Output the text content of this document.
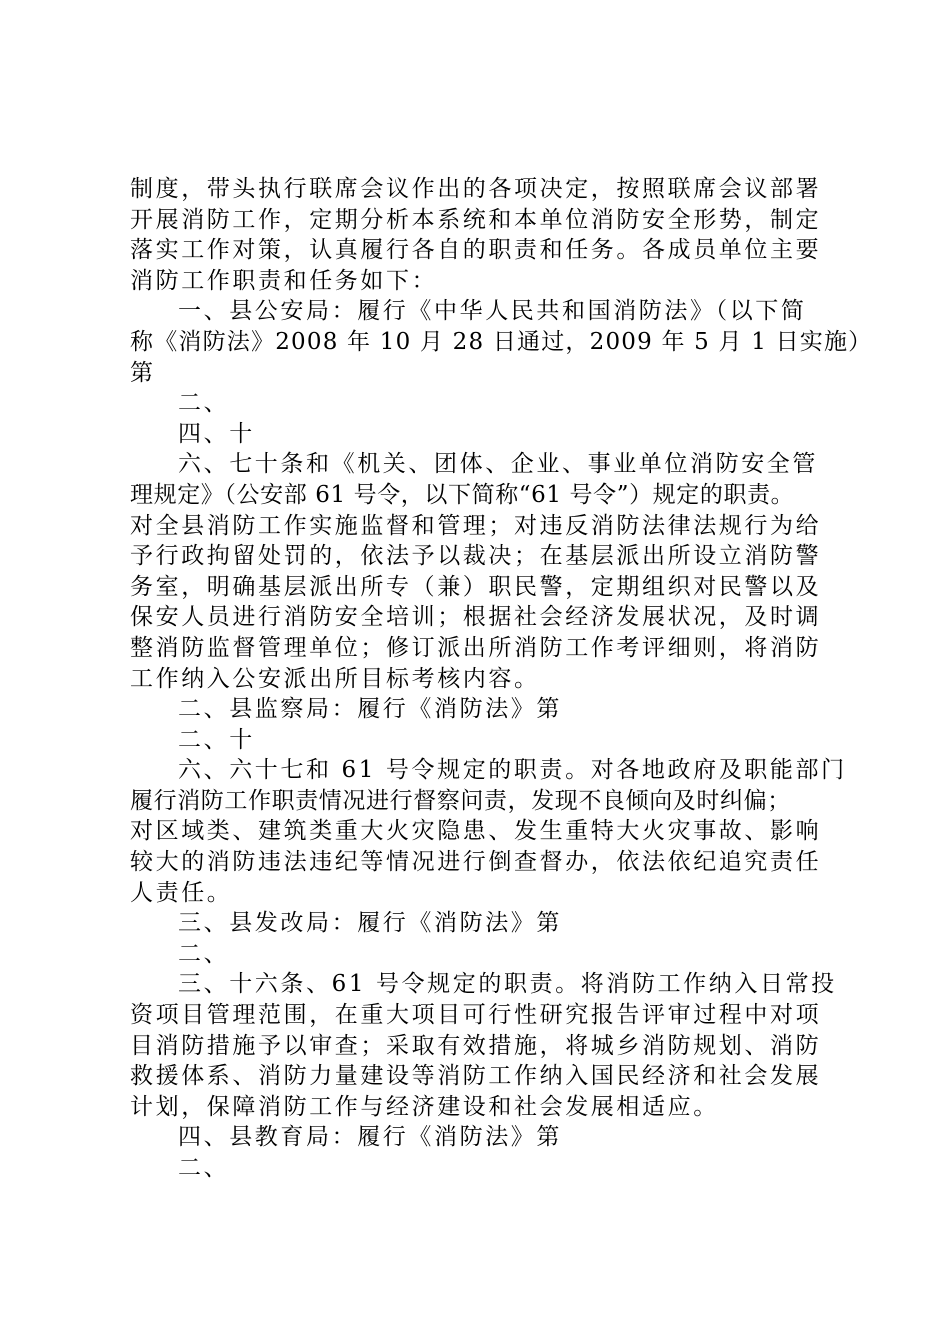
制度，带头执行联席会议作出的各项决定，按照联席会议部署
开展消防工作，定期分析本系统和本单位消防安全形势，制定
落实工作对策，认真履行各自的职责和任务。各成员单位主要
消防工作职责和任务如下：
一、县公安局：履行《中华人民共和国消防法》（以下简
称《消防法》2008 年 10 月 28 日通过，2009 年 5 月 1 日实施）
第
二、
四、十
六、七十条和《机关、团体、企业、事业单位消防安全管
理规定》（公安部 61 号令，以下简称“61 号令”）规定的职责。
对全县消防工作实施监督和管理；对违反消防法律法规行为给
予行政拘留处罚的，依法予以裁决；在基层派出所设立消防警
务室，明确基层派出所专（兼）职民警，定期组织对民警以及
保安人员进行消防安全培训；根据社会经济发展状况，及时调
整消防监督管理单位；修订派出所消防工作考评细则，将消防
工作纳入公安派出所目标考核内容。
二、县监察局：履行《消防法》第
二、十
六、六十七和 61 号令规定的职责。对各地政府及职能部门
履行消防工作职责情况进行督察问责，发现不良倾向及时纠偏；
对区域类、建筑类重大火灾隐患、发生重特大火灾事故、影响
较大的消防违法违纪等情况进行倒查督办，依法依纪追究责任
人责任。
三、县发改局：履行《消防法》第
二、
三、十六条、61 号令规定的职责。将消防工作纳入日常投
资项目管理范围，在重大项目可行性研究报告评审过程中对项
目消防措施予以审查；采取有效措施，将城乡消防规划、消防
救援体系、消防力量建设等消防工作纳入国民经济和社会发展
计划，保障消防工作与经济建设和社会发展相适应。
四、县教育局：履行《消防法》第
二、
